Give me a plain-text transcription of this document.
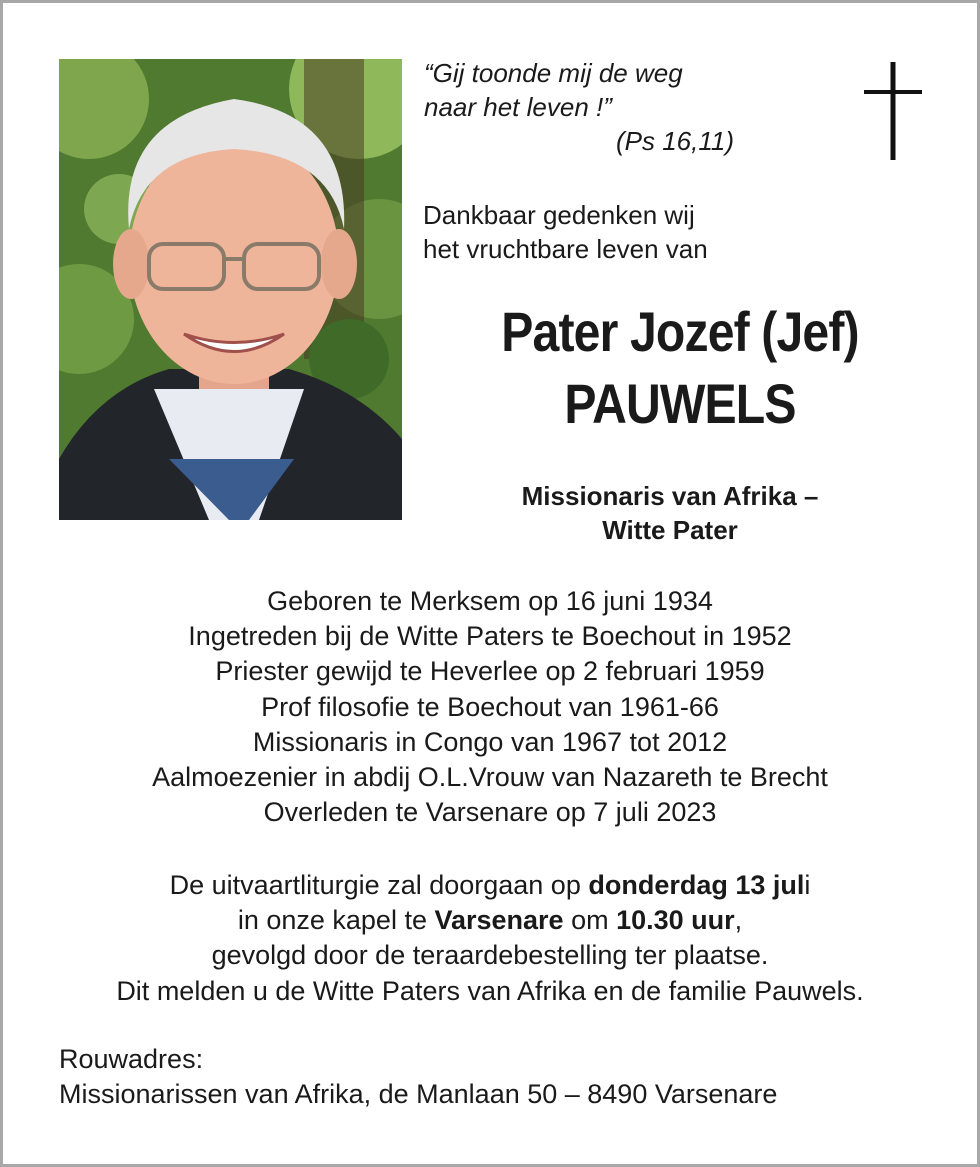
“Gij toonde mij de weg
naar het leven !”
(Ps 16,11)
Dankbaar gedenken wij
het vruchtbare leven van
Pater Jozef (Jef)
PAUWELS
Missionaris van Afrika –
Witte Pater
Geboren te Merksem op 16 juni 1934
Ingetreden bij de Witte Paters te Boechout in 1952
Priester gewijd te Heverlee op 2 februari 1959
Prof filosofie te Boechout van 1961-66
Missionaris in Congo van 1967 tot 2012
Aalmoezenier in abdij O.L.Vrouw van Nazareth te Brecht
Overleden te Varsenare op 7 juli 2023
De uitvaartliturgie zal doorgaan op donderdag 13 juli
in onze kapel te Varsenare om 10.30 uur,
gevolgd door de teraardebestelling ter plaatse.
Dit melden u de Witte Paters van Afrika en de familie Pauwels.
Rouwadres:
Missionarissen van Afrika, de Manlaan 50 – 8490 Varsenare
